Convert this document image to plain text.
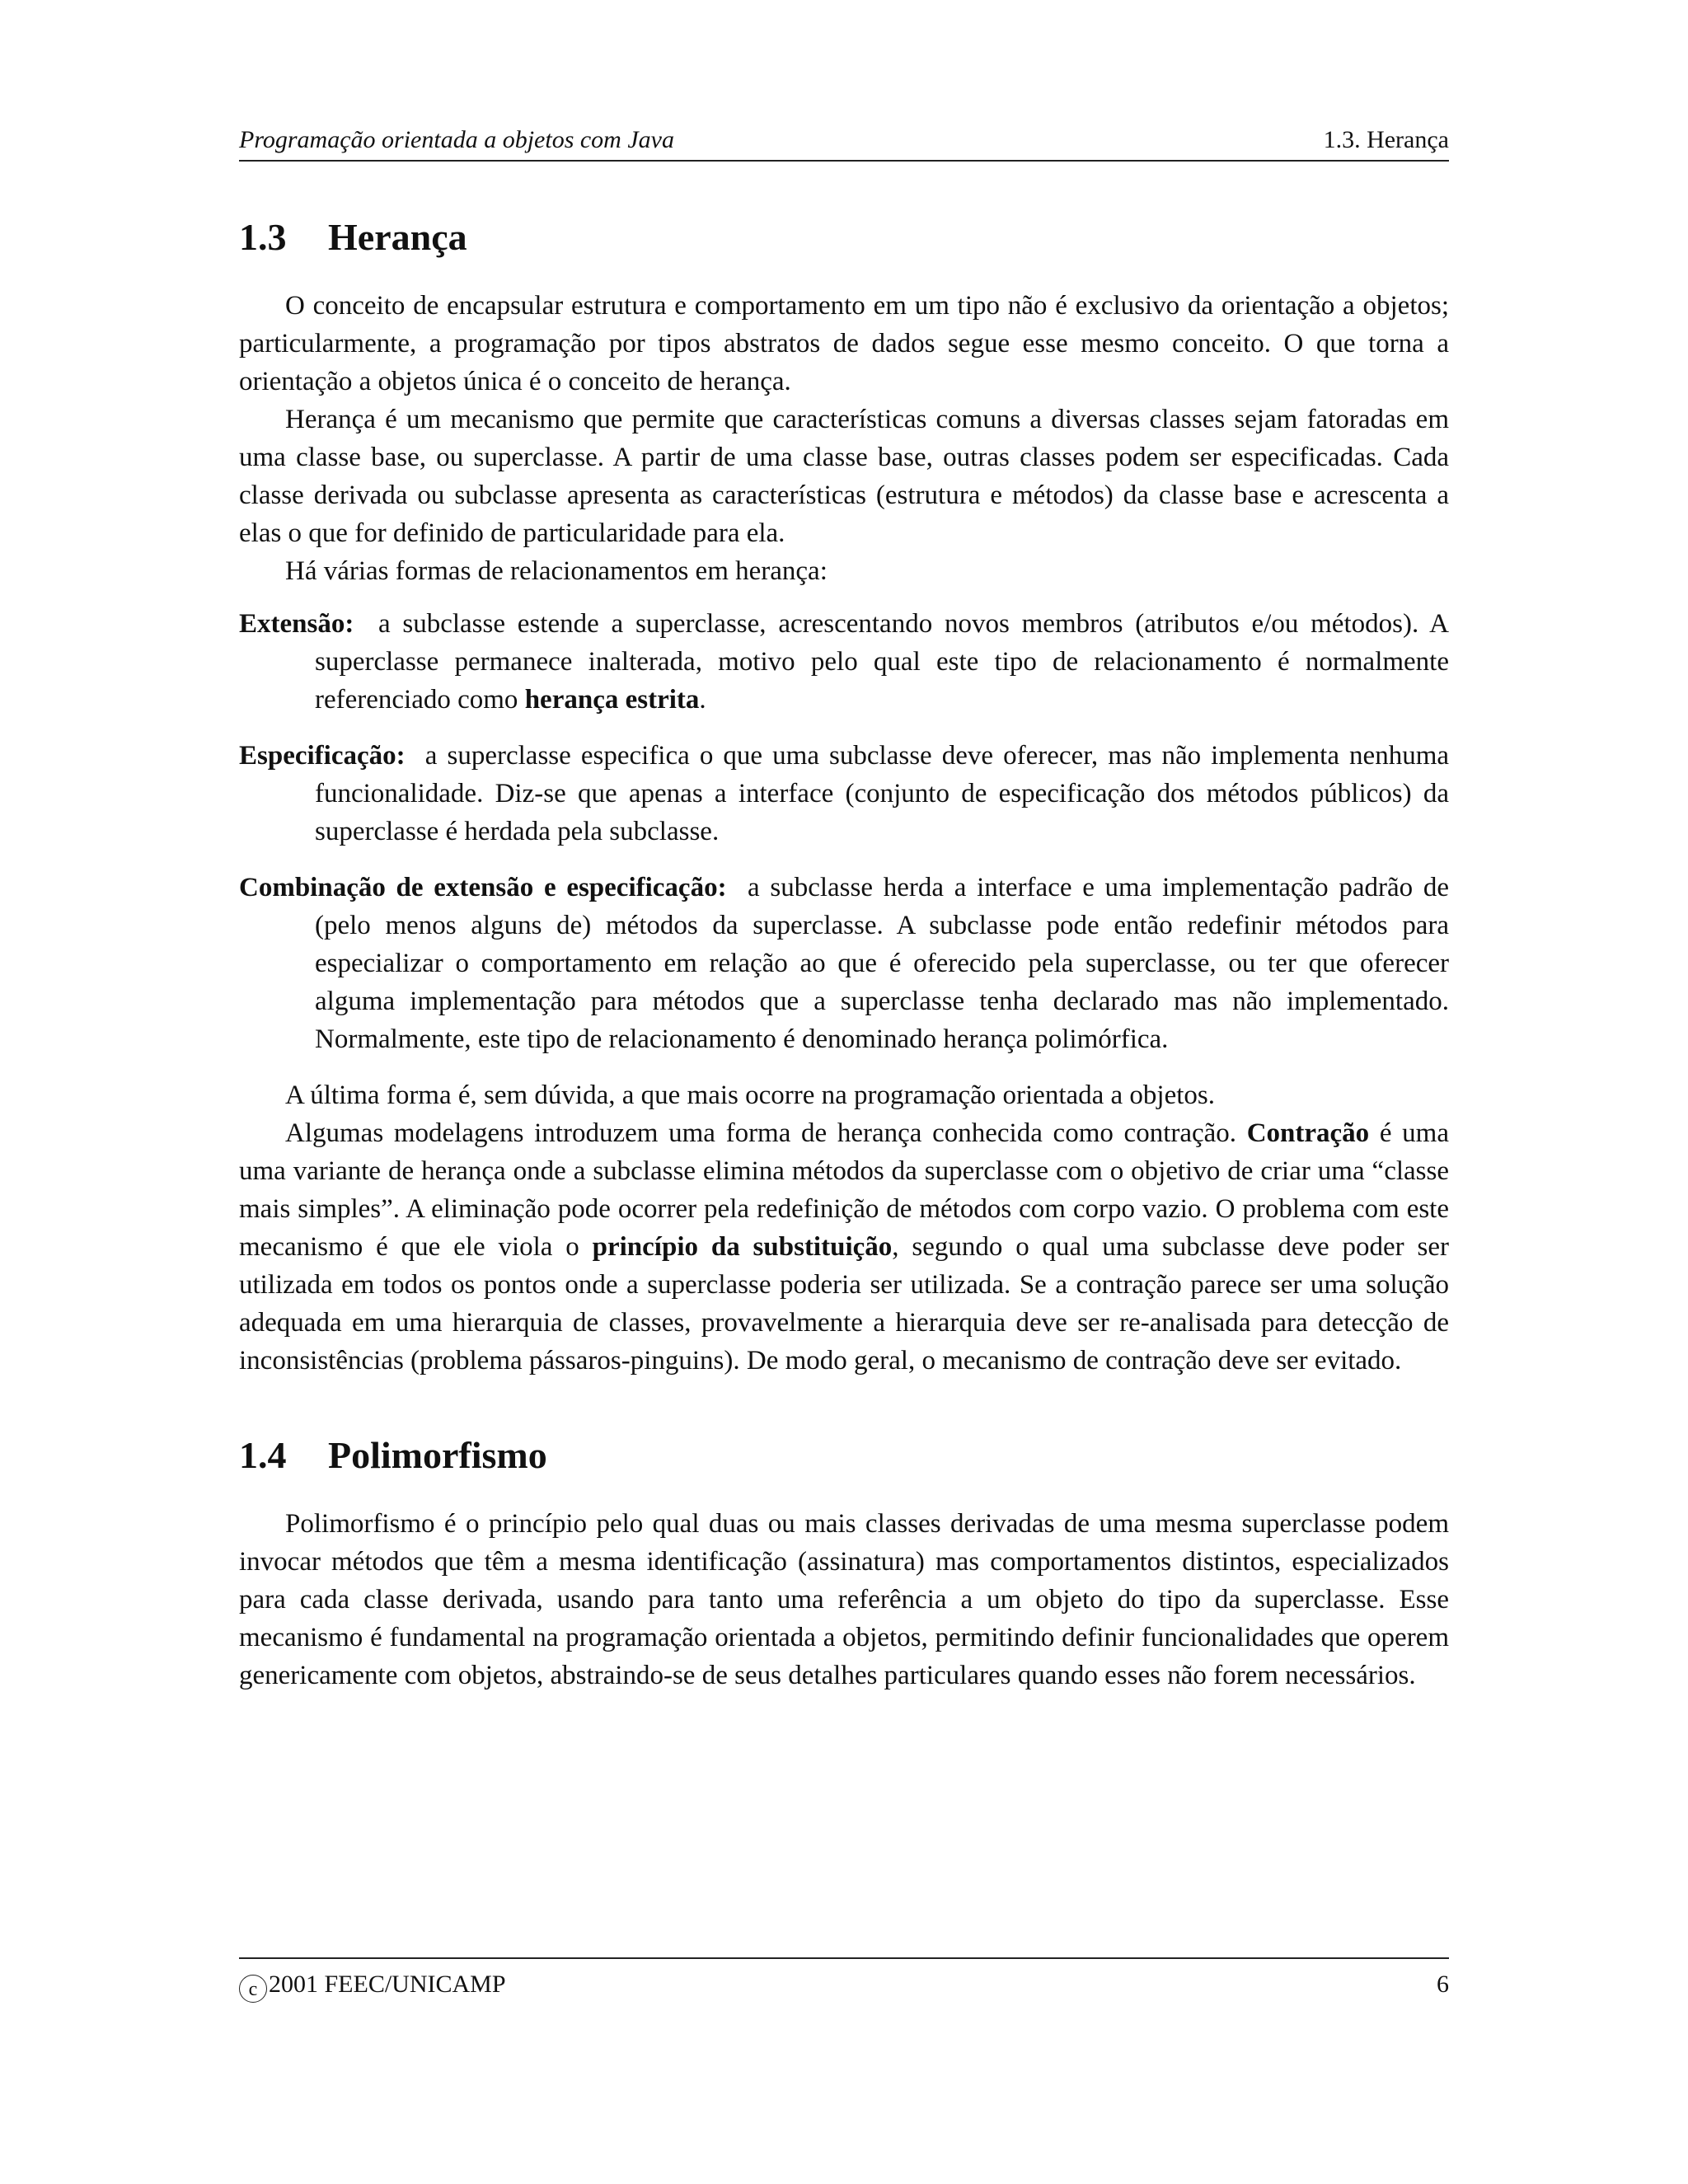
Programação orientada a objetos com Java	1.3. Herança
1.3	Herança

O conceito de encapsular estrutura e comportamento em um tipo não é exclusivo da orientação a objetos; particularmente, a programação por tipos abstratos de dados segue esse mesmo conceito. O que torna a orientação a objetos única é o conceito de herança.

Herança é um mecanismo que permite que características comuns a diversas classes sejam fatoradas em uma classe base, ou superclasse. A partir de uma classe base, outras classes podem ser especificadas. Cada classe derivada ou subclasse apresenta as características (estrutura e métodos) da classe base e acrescenta a elas o que for definido de particularidade para ela.

Há várias formas de relacionamentos em herança:

Extensão: a subclasse estende a superclasse, acrescentando novos membros (atributos e/ou métodos). A superclasse permanece inalterada, motivo pelo qual este tipo de relacionamento é normalmente referenciado como herança estrita.

Especificação: a superclasse especifica o que uma subclasse deve oferecer, mas não implementa nenhuma funcionalidade. Diz-se que apenas a interface (conjunto de especificação dos métodos públicos) da superclasse é herdada pela subclasse.

Combinação de extensão e especificação: a subclasse herda a interface e uma implementação padrão de (pelo menos alguns de) métodos da superclasse. A subclasse pode então redefinir métodos para especializar o comportamento em relação ao que é oferecido pela superclasse, ou ter que oferecer alguma implementação para métodos que a superclasse tenha declarado mas não implementado. Normalmente, este tipo de relacionamento é denominado herança polimórfica.

A última forma é, sem dúvida, a que mais ocorre na programação orientada a objetos.

Algumas modelagens introduzem uma forma de herança conhecida como contração. Contração é uma uma variante de herança onde a subclasse elimina métodos da superclasse com o objetivo de criar uma “classe mais simples”. A eliminação pode ocorrer pela redefinição de métodos com corpo vazio. O problema com este mecanismo é que ele viola o princípio da substituição, segundo o qual uma subclasse deve poder ser utilizada em todos os pontos onde a superclasse poderia ser utilizada. Se a contração parece ser uma solução adequada em uma hierarquia de classes, provavelmente a hierarquia deve ser re-analisada para detecção de inconsistências (problema pássaros-pinguins). De modo geral, o mecanismo de contração deve ser evitado.

1.4	Polimorfismo

Polimorfismo é o princípio pelo qual duas ou mais classes derivadas de uma mesma superclasse podem invocar métodos que têm a mesma identificação (assinatura) mas comportamentos distintos, especializados para cada classe derivada, usando para tanto uma referência a um objeto do tipo da superclasse. Esse mecanismo é fundamental na programação orientada a objetos, permitindo definir funcionalidades que operem genericamente com objetos, abstraindo-se de seus detalhes particulares quando esses não forem necessários.

c 2001 FEEC/UNICAMP	6
